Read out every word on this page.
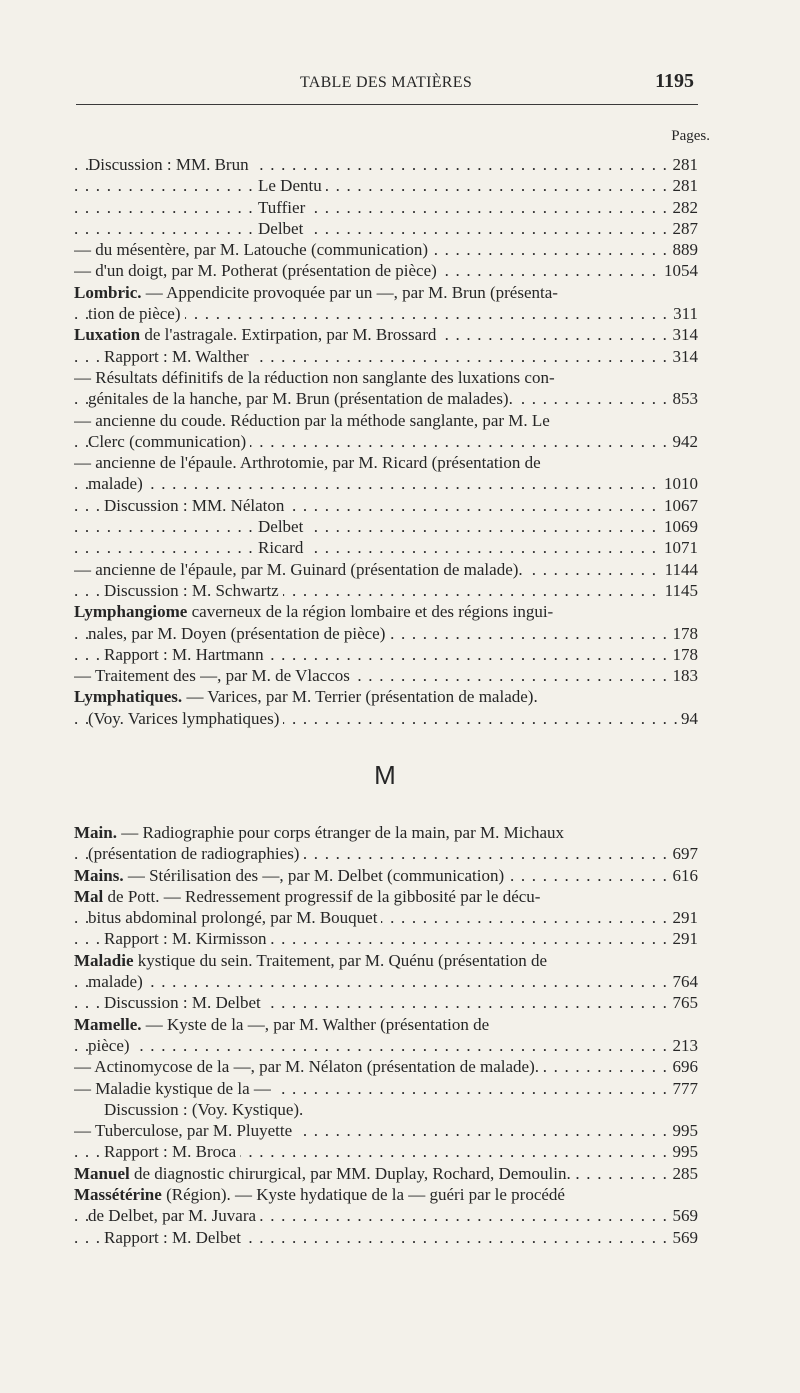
TABLE DES MATIÈRES	1195
Pages.
Discussion : MM. Brun	281
. . .
Le Dentu	281
. . .
Tuffier	282
. . .
Delbet	287
. . .
— du mésentère, par M. Latouche (communication)	889
. . .
— d'un doigt, par M. Potherat (présentation de pièce)	1054
. . .
Lombric. — Appendicite provoquée par un —, par M. Brun (présenta-
tion de pièce)	311
. . .
Luxation de l'astragale. Extirpation, par M. Brossard	314
. . .
Rapport : M. Walther	314
. . .
— Résultats définitifs de la réduction non sanglante des luxations con-
génitales de la hanche, par M. Brun (présentation de malades).	853
. . .
— ancienne du coude. Réduction par la méthode sanglante, par M. Le
Clerc (communication)	942
. . .
— ancienne de l'épaule. Arthrotomie, par M. Ricard (présentation de
malade)	1010
. . .
Discussion : MM. Nélaton	1067
. . .
Delbet	1069
. . .
Ricard	1071
. . .
— ancienne de l'épaule, par M. Guinard (présentation de malade).	1144
. . .
Discussion : M. Schwartz	1145
. . .
Lymphangiome caverneux de la région lombaire et des régions ingui-
nales, par M. Doyen (présentation de pièce)	178
. . .
Rapport : M. Hartmann	178
. . .
— Traitement des —, par M. de Vlaccos	183
. . .
Lymphatiques. — Varices, par M. Terrier (présentation de malade).
(Voy. Varices lymphatiques)	94
. . .
M
Main. — Radiographie pour corps étranger de la main, par M. Michaux
(présentation de radiographies)	697
. . .
Mains. — Stérilisation des —, par M. Delbet (communication)	616
. . .
Mal de Pott. — Redressement progressif de la gibbosité par le décu-
bitus abdominal prolongé, par M. Bouquet	291
. . .
Rapport : M. Kirmisson	291
. . .
Maladie kystique du sein. Traitement, par M. Quénu (présentation de
malade)	764
. . .
Discussion : M. Delbet	765
. . .
Mamelle. — Kyste de la —, par M. Walther (présentation de
pièce)	213
. . .
— Actinomycose de la —, par M. Nélaton (présentation de malade).	696
. . .
— Maladie kystique de la —	777
. . .
Discussion : (Voy. Kystique).
— Tuberculose, par M. Pluyette	995
. . .
Rapport : M. Broca	995
. . .
Manuel de diagnostic chirurgical, par MM. Duplay, Rochard, Demoulin.	285
. . .
Massétérine (Région). — Kyste hydatique de la — guéri par le procédé
de Delbet, par M. Juvara	569
. . .
Rapport : M. Delbet	569
. . .
